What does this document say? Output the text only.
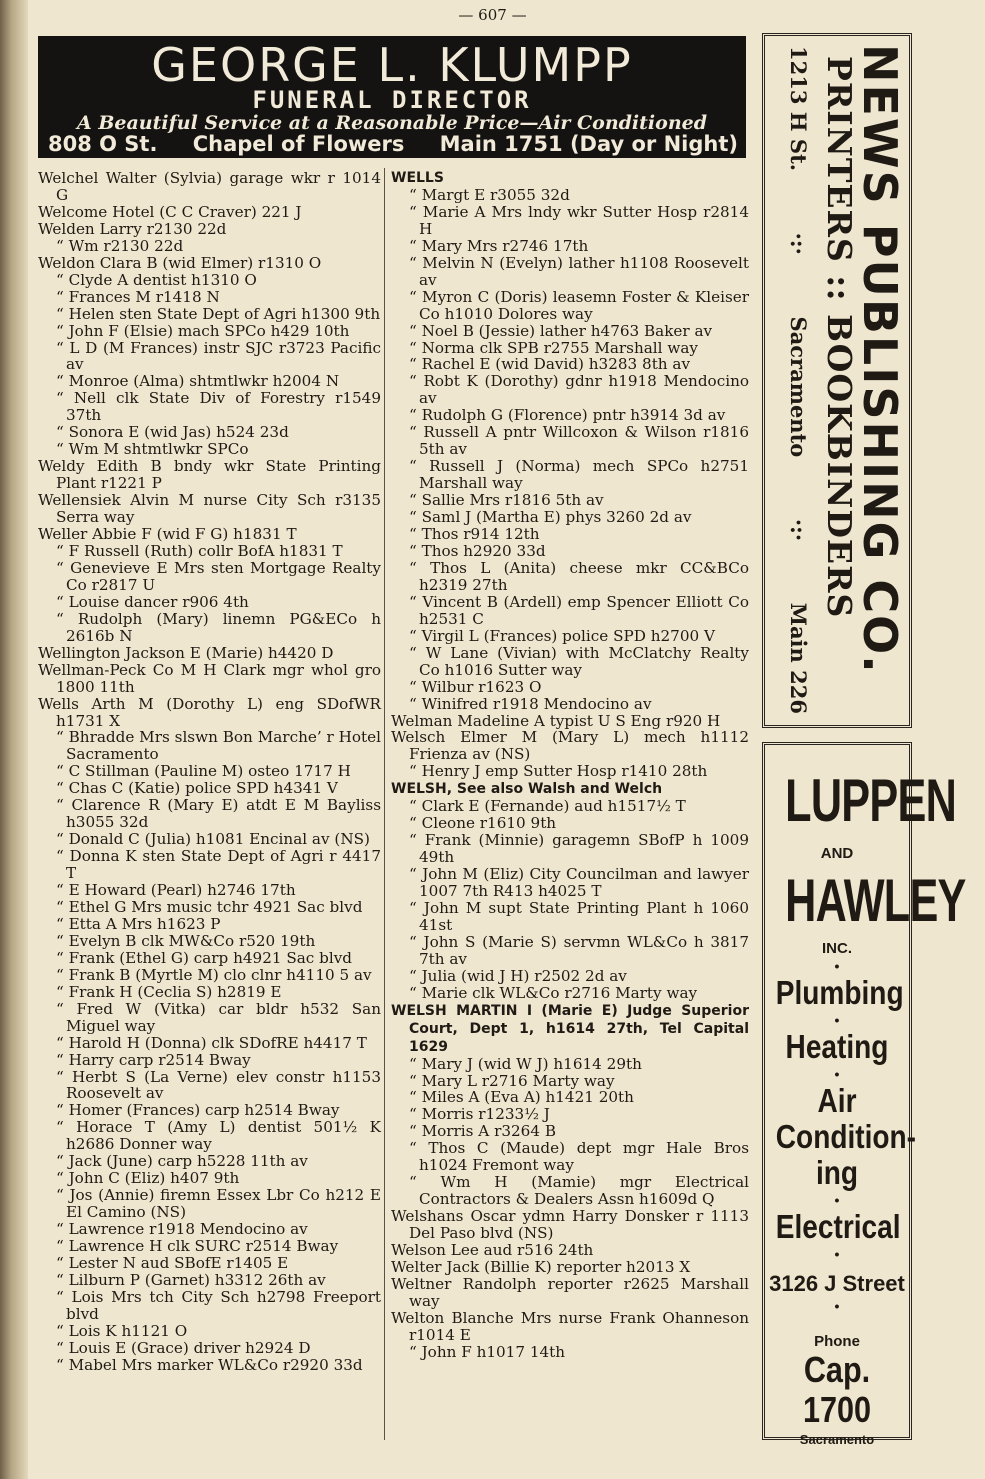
— 607 —
GEORGE L. KLUMPP
FUNERAL DIRECTOR
A Beautiful Service at a Reasonable Price—Air Conditioned
808 O St. Chapel of Flowers Main 1751 (Day or Night)
Welchel Walter (Sylvia) garage wkr r 1014 G
Welcome Hotel (C C Craver) 221 J
Welden Larry r2130 22d
“ Wm r2130 22d
Weldon Clara B (wid Elmer) r1310 O
“ Clyde A dentist h1310 O
“ Frances M r1418 N
“ Helen sten State Dept of Agri h1300 9th
“ John F (Elsie) mach SPCo h429 10th
“ L D (M Frances) instr SJC r3723 Pacific av
“ Monroe (Alma) shtmtlwkr h2004 N
“ Nell clk State Div of Forestry r1549 37th
“ Sonora E (wid Jas) h524 23d
“ Wm M shtmtlwkr SPCo
Weldy Edith B bndy wkr State Printing Plant r1221 P
Wellensiek Alvin M nurse City Sch r3135 Serra way
Weller Abbie F (wid F G) h1831 T
“ F Russell (Ruth) collr BofA h1831 T
“ Genevieve E Mrs sten Mortgage Realty Co r2817 U
“ Louise dancer r906 4th
“ Rudolph (Mary) linemn PG&ECo h 2616b N
Wellington Jackson E (Marie) h4420 D
Wellman-Peck Co M H Clark mgr whol gro 1800 11th
Wells Arth M (Dorothy L) eng SDofWR h1731 X
“ Bhradde Mrs slswn Bon Marche’ r Hotel Sacramento
“ C Stillman (Pauline M) osteo 1717 H
“ Chas C (Katie) police SPD h4341 V
“ Clarence R (Mary E) atdt E M Bayliss h3055 32d
“ Donald C (Julia) h1081 Encinal av (NS)
“ Donna K sten State Dept of Agri r 4417 T
“ E Howard (Pearl) h2746 17th
“ Ethel G Mrs music tchr 4921 Sac blvd
“ Etta A Mrs h1623 P
“ Evelyn B clk MW&Co r520 19th
“ Frank (Ethel G) carp h4921 Sac blvd
“ Frank B (Myrtle M) clo clnr h4110 5 av
“ Frank H (Ceclia S) h2819 E
“ Fred W (Vitka) car bldr h532 San Miguel way
“ Harold H (Donna) clk SDofRE h4417 T
“ Harry carp r2514 Bway
“ Herbt S (La Verne) elev constr h1153 Roosevelt av
“ Homer (Frances) carp h2514 Bway
“ Horace T (Amy L) dentist 501½ K h2686 Donner way
“ Jack (June) carp h5228 11th av
“ John C (Eliz) h407 9th
“ Jos (Annie) firemn Essex Lbr Co h212 E El Camino (NS)
“ Lawrence r1918 Mendocino av
“ Lawrence H clk SURC r2514 Bway
“ Lester N aud SBofE r1405 E
“ Lilburn P (Garnet) h3312 26th av
“ Lois Mrs tch City Sch h2798 Freeport blvd
“ Lois K h1121 O
“ Louis E (Grace) driver h2924 D
“ Mabel Mrs marker WL&Co r2920 33d
WELLS
“ Margt E r3055 32d
“ Marie A Mrs lndy wkr Sutter Hosp r2814 H
“ Mary Mrs r2746 17th
“ Melvin N (Evelyn) lather h1108 Roosevelt av
“ Myron C (Doris) leasemn Foster & Kleiser Co h1010 Dolores way
“ Noel B (Jessie) lather h4763 Baker av
“ Norma clk SPB r2755 Marshall way
“ Rachel E (wid David) h3283 8th av
“ Robt K (Dorothy) gdnr h1918 Mendocino av
“ Rudolph G (Florence) pntr h3914 3d av
“ Russell A pntr Willcoxon & Wilson r1816 5th av
“ Russell J (Norma) mech SPCo h2751 Marshall way
“ Sallie Mrs r1816 5th av
“ Saml J (Martha E) phys 3260 2d av
“ Thos r914 12th
“ Thos h2920 33d
“ Thos L (Anita) cheese mkr CC&BCo h2319 27th
“ Vincent B (Ardell) emp Spencer Elliott Co h2531 C
“ Virgil L (Frances) police SPD h2700 V
“ W Lane (Vivian) with McClatchy Realty Co h1016 Sutter way
“ Wilbur r1623 O
“ Winifred r1918 Mendocino av
Welman Madeline A typist U S Eng r920 H
Welsch Elmer M (Mary L) mech h1112 Frienza av (NS)
“ Henry J emp Sutter Hosp r1410 28th
WELSH, See also Walsh and Welch
“ Clark E (Fernande) aud h1517½ T
“ Cleone r1610 9th
“ Frank (Minnie) garagemn SBofP h 1009 49th
“ John M (Eliz) City Councilman and lawyer 1007 7th R413 h4025 T
“ John M supt State Printing Plant h 1060 41st
“ John S (Marie S) servmn WL&Co h 3817 7th av
“ Julia (wid J H) r2502 2d av
“ Marie clk WL&Co r2716 Marty way
WELSH MARTIN I (Marie E) Judge Superior Court, Dept 1, h1614 27th, Tel Capital 1629
“ Mary J (wid W J) h1614 29th
“ Mary L r2716 Marty way
“ Miles A (Eva A) h1421 20th
“ Morris r1233½ J
“ Morris A r3264 B
“ Thos C (Maude) dept mgr Hale Bros h1024 Fremont way
“ Wm H (Mamie) mgr Electrical Contractors & Dealers Assn h1609d Q
Welshans Oscar ydmn Harry Donsker r 1113 Del Paso blvd (NS)
Welson Lee aud r516 24th
Welter Jack (Billie K) reporter h2013 X
Weltner Randolph reporter r2625 Marshall way
Welton Blanche Mrs nurse Frank Ohanneson r1014 E
“ John F h1017 14th
NEWS PUBLISHING CO.
PRINTERS :: BOOKBINDERS
1213 H St.
·:·
Sacramento
·:·
Main 226
LUPPEN
AND
HAWLEY
INC.
•
Plumbing
•
Heating
•
Air
Condition-
ing
•
Electrical
•
3126 J Street
•
Phone
Cap. 1700
Sacramento
